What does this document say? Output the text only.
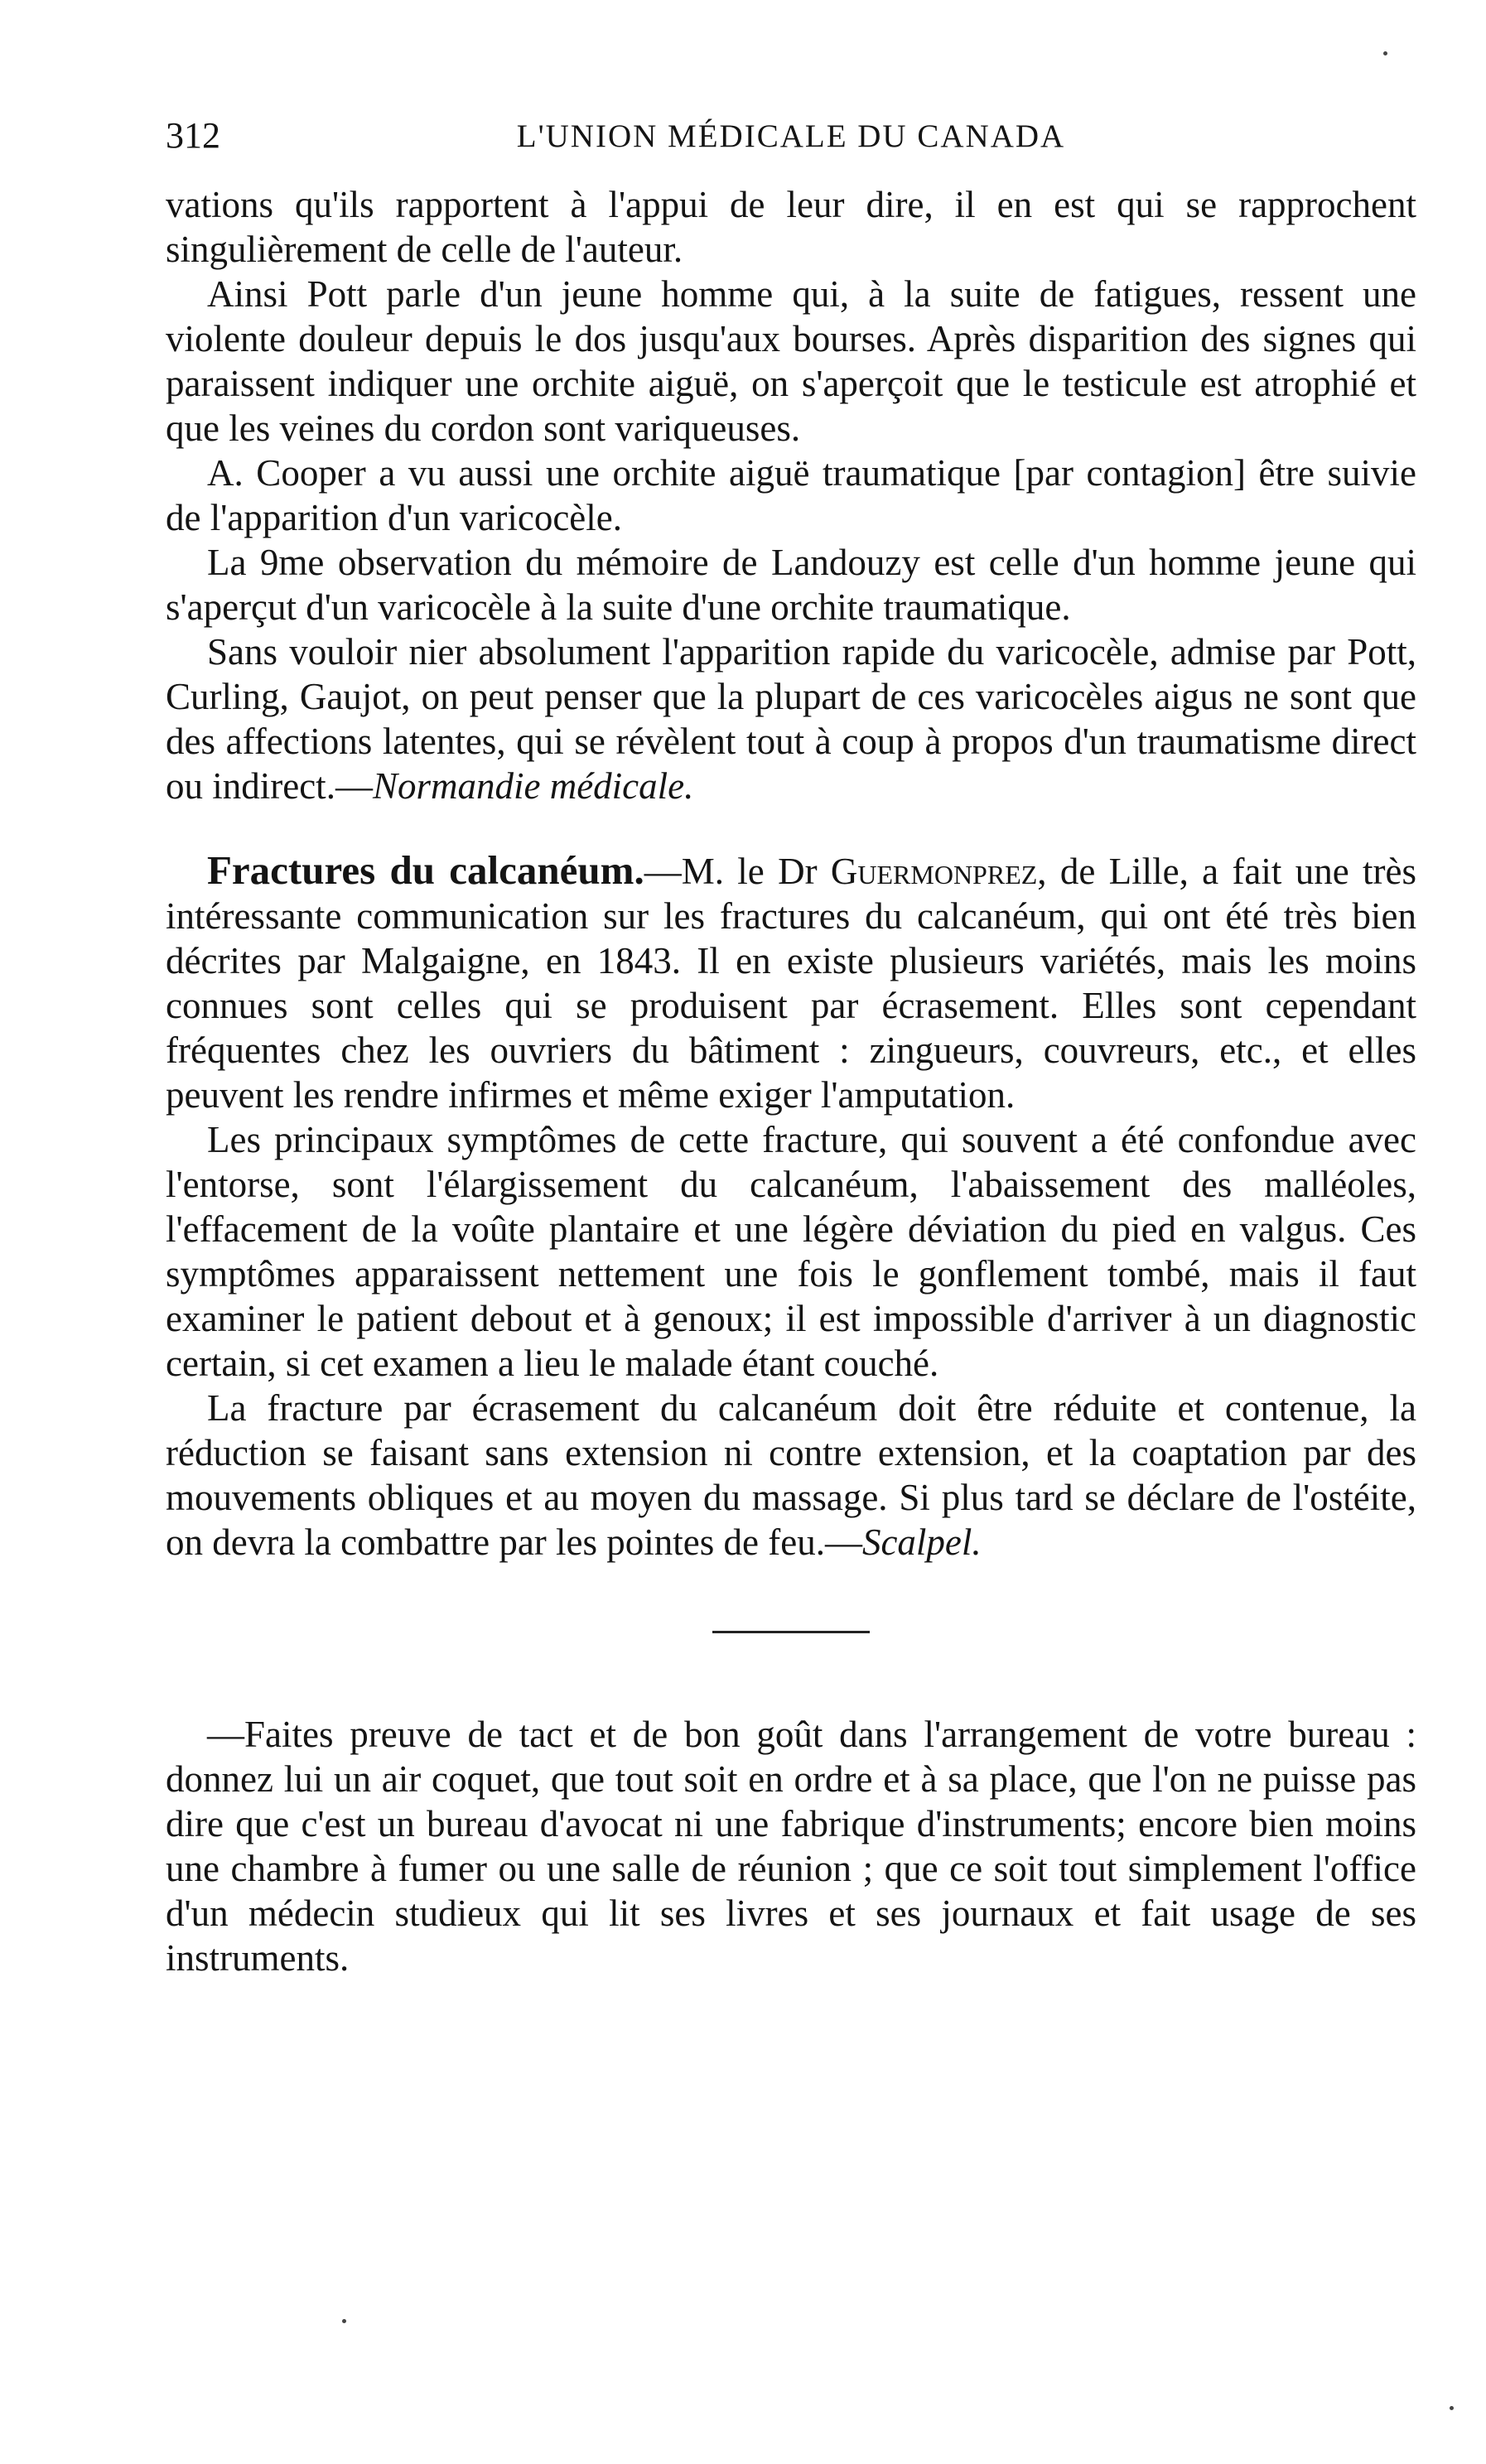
312	L'UNION MÉDICALE DU CANADA

vations qu'ils rapportent à l'appui de leur dire, il en est qui se rapprochent singulièrement de celle de l'auteur.

Ainsi Pott parle d'un jeune homme qui, à la suite de fatigues, ressent une violente douleur depuis le dos jusqu'aux bourses. Après disparition des signes qui paraissent indiquer une orchite aiguë, on s'aperçoit que le testicule est atrophié et que les veines du cordon sont variqueuses.

A. Cooper a vu aussi une orchite aiguë traumatique [par contagion] être suivie de l'apparition d'un varicocèle.

La 9me observation du mémoire de Landouzy est celle d'un homme jeune qui s'aperçut d'un varicocèle à la suite d'une orchite traumatique.

Sans vouloir nier absolument l'apparition rapide du varicocèle, admise par Pott, Curling, Gaujot, on peut penser que la plupart de ces varicocèles aigus ne sont que des affections latentes, qui se révèlent tout à coup à propos d'un traumatisme direct ou indirect.—Normandie médicale.

Fractures du calcanéum.—M. le Dr Guermonprez, de Lille, a fait une très intéressante communication sur les fractures du calcanéum, qui ont été très bien décrites par Malgaigne, en 1843. Il en existe plusieurs variétés, mais les moins connues sont celles qui se produisent par écrasement. Elles sont cependant fréquentes chez les ouvriers du bâtiment : zingueurs, couvreurs, etc., et elles peuvent les rendre infirmes et même exiger l'amputation.

Les principaux symptômes de cette fracture, qui souvent a été confondue avec l'entorse, sont l'élargissement du calcanéum, l'abaissement des malléoles, l'effacement de la voûte plantaire et une légère déviation du pied en valgus. Ces symptômes apparaissent nettement une fois le gonflement tombé, mais il faut examiner le patient debout et à genoux; il est impossible d'arriver à un diagnostic certain, si cet examen a lieu le malade étant couché.

La fracture par écrasement du calcanéum doit être réduite et contenue, la réduction se faisant sans extension ni contre extension, et la coaptation par des mouvements obliques et au moyen du massage. Si plus tard se déclare de l'ostéite, on devra la combattre par les pointes de feu.—Scalpel.

—Faites preuve de tact et de bon goût dans l'arrangement de votre bureau : donnez lui un air coquet, que tout soit en ordre et à sa place, que l'on ne puisse pas dire que c'est un bureau d'avocat ni une fabrique d'instruments; encore bien moins une chambre à fumer ou une salle de réunion ; que ce soit tout simplement l'office d'un médecin studieux qui lit ses livres et ses journaux et fait usage de ses instruments.
